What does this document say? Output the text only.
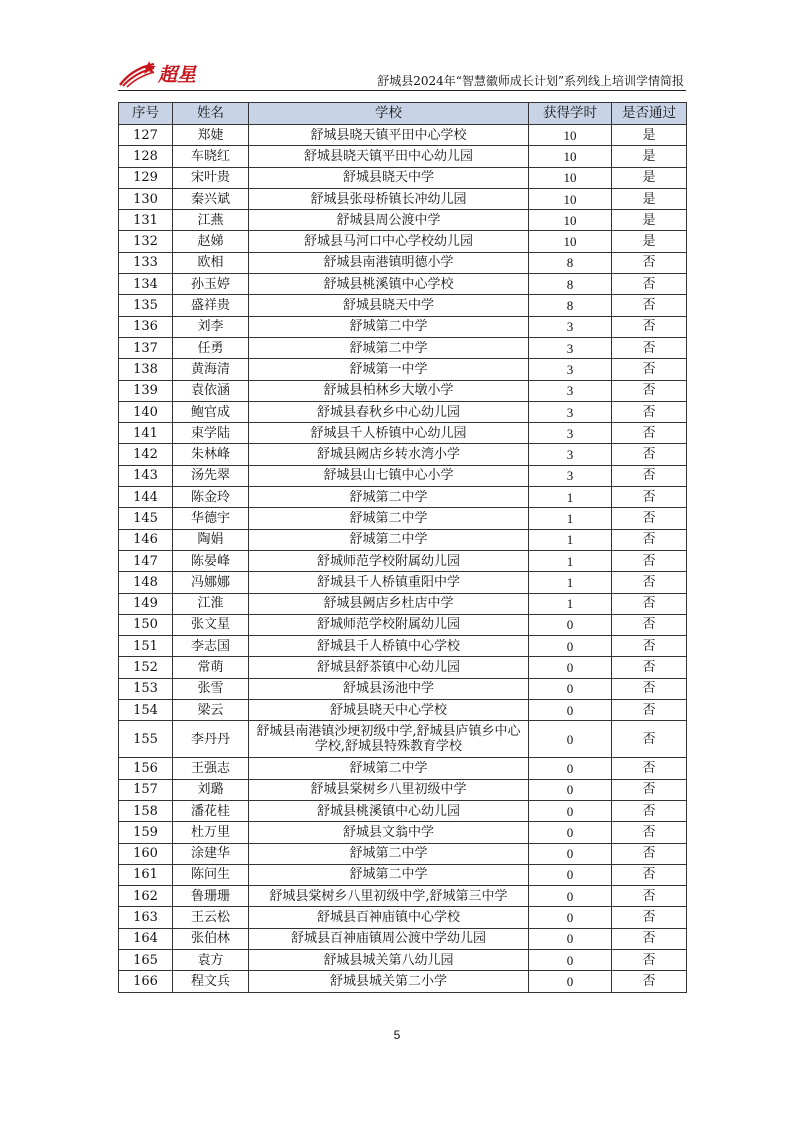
超星	舒城县2024年“智慧徽师成长计划”系列线上培训学情简报
序号	姓名	学校	获得学时	是否通过
127	郑婕	舒城县晓天镇平田中心学校	10	是
128	车晓红	舒城县晓天镇平田中心幼儿园	10	是
129	宋叶贵	舒城县晓天中学	10	是
130	秦兴斌	舒城县张母桥镇长冲幼儿园	10	是
131	江燕	舒城县周公渡中学	10	是
132	赵娣	舒城县马河口中心学校幼儿园	10	是
133	欧相	舒城县南港镇明德小学	8	否
134	孙玉婷	舒城县桃溪镇中心学校	8	否
135	盛祥贵	舒城县晓天中学	8	否
136	刘李	舒城第二中学	3	否
137	任勇	舒城第二中学	3	否
138	黄海清	舒城第一中学	3	否
139	袁依涵	舒城县柏林乡大墩小学	3	否
140	鲍官成	舒城县春秋乡中心幼儿园	3	否
141	束学陆	舒城县千人桥镇中心幼儿园	3	否
142	朱林峰	舒城县阙店乡转水湾小学	3	否
143	汤先翠	舒城县山七镇中心小学	3	否
144	陈金玲	舒城第二中学	1	否
145	华德宇	舒城第二中学	1	否
146	陶娟	舒城第二中学	1	否
147	陈晏峰	舒城师范学校附属幼儿园	1	否
148	冯娜娜	舒城县千人桥镇重阳中学	1	否
149	江淮	舒城县阙店乡杜店中学	1	否
150	张文星	舒城师范学校附属幼儿园	0	否
151	李志国	舒城县千人桥镇中心学校	0	否
152	常萌	舒城县舒茶镇中心幼儿园	0	否
153	张雪	舒城县汤池中学	0	否
154	梁云	舒城县晓天中心学校	0	否
155	李丹丹	舒城县南港镇沙埂初级中学,舒城县庐镇乡中心学校,舒城县特殊教育学校	0	否
156	王强志	舒城第二中学	0	否
157	刘璐	舒城县棠树乡八里初级中学	0	否
158	潘花桂	舒城县桃溪镇中心幼儿园	0	否
159	杜万里	舒城县文翁中学	0	否
160	涂建华	舒城第二中学	0	否
161	陈问生	舒城第二中学	0	否
162	鲁珊珊	舒城县棠树乡八里初级中学,舒城第三中学	0	否
163	王云松	舒城县百神庙镇中心学校	0	否
164	张伯林	舒城县百神庙镇周公渡中学幼儿园	0	否
165	袁方	舒城县城关第八幼儿园	0	否
166	程文兵	舒城县城关第二小学	0	否
5
